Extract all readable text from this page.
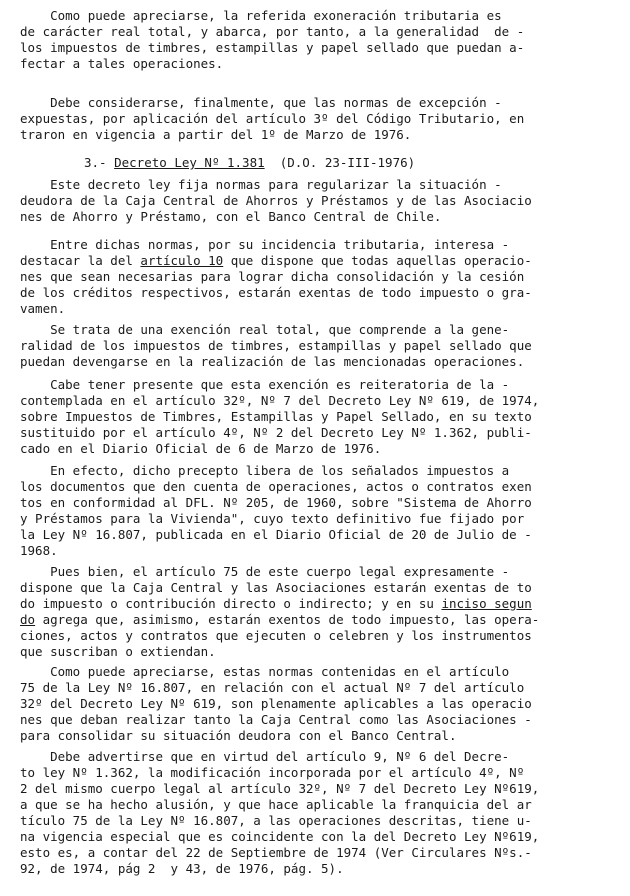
Como puede apreciarse, la referida exoneración tributaria es
de carácter real total, y abarca, por tanto, a la generalidad  de -
los impuestos de timbres, estampillas y papel sellado que puedan a-
fectar a tales operaciones.
Debe considerarse, finalmente, que las normas de excepción -
expuestas, por aplicación del artículo 3º del Código Tributario, en
traron en vigencia a partir del 1º de Marzo de 1976.
3.- Decreto Ley Nº 1.381 (D.O. 23-III-1976)
Este decreto ley fija normas para regularizar la situación -
deudora de la Caja Central de Ahorros y Préstamos y de las Asociacio
nes de Ahorro y Préstamo, con el Banco Central de Chile.
Entre dichas normas, por su incidencia tributaria, interesa -
destacar la del artículo 10 que dispone que todas aquellas operacio-
nes que sean necesarias para lograr dicha consolidación y la cesión
de los créditos respectivos, estarán exentas de todo impuesto o gra-
vamen.
Se trata de una exención real total, que comprende a la gene-
ralidad de los impuestos de timbres, estampillas y papel sellado que
puedan devengarse en la realización de las mencionadas operaciones.
Cabe tener presente que esta exención es reiteratoria de la -
contemplada en el artículo 32º, Nº 7 del Decreto Ley Nº 619, de 1974,
sobre Impuestos de Timbres, Estampillas y Papel Sellado, en su texto
sustituido por el artículo 4º, Nº 2 del Decreto Ley Nº 1.362, publi-
cado en el Diario Oficial de 6 de Marzo de 1976.
En efecto, dicho precepto libera de los señalados impuestos a
los documentos que den cuenta de operaciones, actos o contratos exen
tos en conformidad al DFL. Nº 205, de 1960, sobre "Sistema de Ahorro
y Préstamos para la Vivienda", cuyo texto definitivo fue fijado por
la Ley Nº 16.807, publicada en el Diario Oficial de 20 de Julio de -
1968.
Pues bien, el artículo 75 de este cuerpo legal expresamente -
dispone que la Caja Central y las Asociaciones estarán exentas de to
do impuesto o contribución directo o indirecto; y en su inciso segun
do agrega que, asimismo, estarán exentos de todo impuesto, las opera-
ciones, actos y contratos que ejecuten o celebren y los instrumentos
que suscriban o extiendan.
Como puede apreciarse, estas normas contenidas en el artículo
75 de la Ley Nº 16.807, en relación con el actual Nº 7 del artículo
32º del Decreto Ley Nº 619, son plenamente aplicables a las operacio
nes que deban realizar tanto la Caja Central como las Asociaciones -
para consolidar su situación deudora con el Banco Central.
Debe advertirse que en virtud del artículo 9, Nº 6 del Decre-
to ley Nº 1.362, la modificación incorporada por el artículo 4º, Nº
2 del mismo cuerpo legal al artículo 32º, Nº 7 del Decreto Ley Nº619,
a que se ha hecho alusión, y que hace aplicable la franquicia del ar
tículo 75 de la Ley Nº 16.807, a las operaciones descritas, tiene u-
na vigencia especial que es coincidente con la del Decreto Ley Nº619,
esto es, a contar del 22 de Septiembre de 1974 (Ver Circulares Nºs.-
92, de 1974, pág 2  y 43, de 1976, pág. 5).
